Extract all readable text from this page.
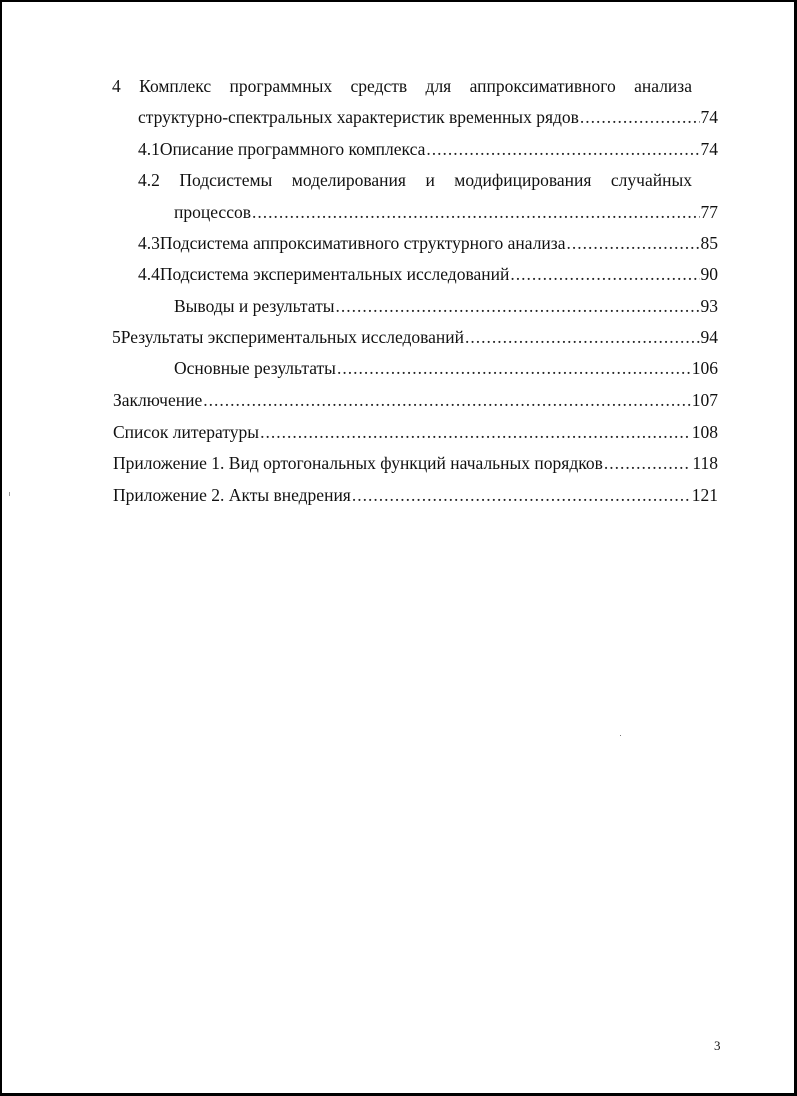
4 Комплекс программных средств для аппроксимативного анализа
структурно-спектральных характеристик временных рядов .....	74
4.1 Описание программного комплекса .....	74
4.2 Подсистемы моделирования и модифицирования случайных
процессов .....	77
4.3 Подсистема аппроксимативного структурного анализа .....	85
4.4 Подсистема экспериментальных исследований .....	90
Выводы и результаты .....	93
5 Результаты экспериментальных исследований .....	94
Основные результаты .....	106
Заключение .....	107
Список литературы .....	108
Приложение 1. Вид ортогональных функций начальных порядков .....	118
Приложение 2. Акты внедрения .....	121
3
